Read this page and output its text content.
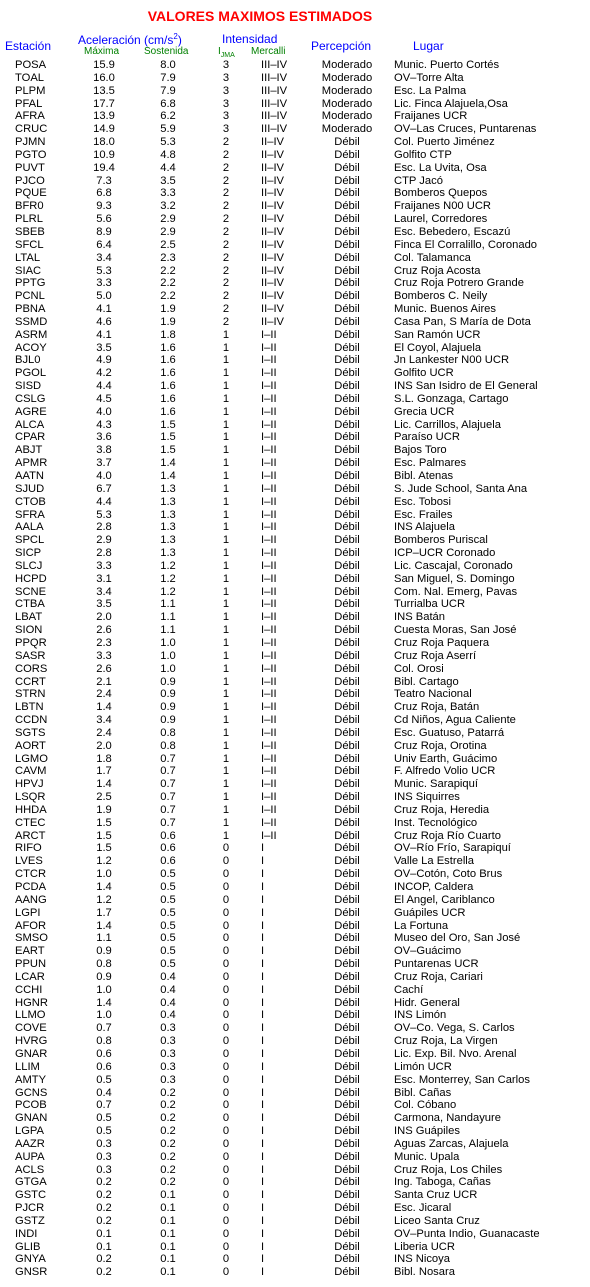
VALORES MAXIMOS ESTIMADOS
Estación Aceleración $(cm/s^2)$
Máxima Sostenida
Intensidad
$I_{JMA}$ Mercalli Percepción	Lugar
POSA	15.9	8.0	3	III–IV	Moderado	Munic. Puerto Cortés
TOAL	16.0	7.9	3	III–IV	Moderado	OV–Torre Alta
PLPM	13.5	7.9	3	III–IV	Moderado	Esc. La Palma
PFAL	17.7	6.8	3	III–IV	Moderado	Lic. Finca Alajuela,Osa
AFRA	13.9	6.2	3	III–IV	Moderado	Fraijanes UCR
CRUC	14.9	5.9	3	III–IV	Moderado	OV–Las Cruces, Puntarenas
PJMN	18.0	5.3	2	II–IV	Débil	Col. Puerto Jiménez
PGTO	10.9	4.8	2	II–IV	Débil	Golfito CTP
PUVT	19.4	4.4	2	II–IV	Débil	Esc. La Uvita, Osa
PJCO	7.3	3.5	2	II–IV	Débil	CTP Jacó
PQUE	6.8	3.3	2	II–IV	Débil	Bomberos Quepos
BFR0	9.3	3.2	2	II–IV	Débil	Fraijanes N00 UCR
PLRL	5.6	2.9	2	II–IV	Débil	Laurel, Corredores
SBEB	8.9	2.9	2	II–IV	Débil	Esc. Bebedero, Escazú
SFCL	6.4	2.5	2	II–IV	Débil	Finca El Corralillo, Coronado
LTAL	3.4	2.3	2	II–IV	Débil	Col. Talamanca
SIAC	5.3	2.2	2	II–IV	Débil	Cruz Roja Acosta
PPTG	3.3	2.2	2	II–IV	Débil	Cruz Roja Potrero Grande
PCNL	5.0	2.2	2	II–IV	Débil	Bomberos C. Neily
PBNA	4.1	1.9	2	II–IV	Débil	Munic. Buenos Aires
SSMD	4.6	1.9	2	II–IV	Débil	Casa Pan, S María de Dota
ASRM	4.1	1.8	1	I–II	Débil	San Ramón UCR
ACOY	3.5	1.6	1	I–II	Débil	El Coyol, Alajuela
BJL0	4.9	1.6	1	I–II	Débil	Jn Lankester N00 UCR
PGOL	4.2	1.6	1	I–II	Débil	Golfito UCR
SISD	4.4	1.6	1	I–II	Débil	INS San Isidro de El General
CSLG	4.5	1.6	1	I–II	Débil	S.L. Gonzaga, Cartago
AGRE	4.0	1.6	1	I–II	Débil	Grecia UCR
ALCA	4.3	1.5	1	I–II	Débil	Lic. Carrillos, Alajuela
CPAR	3.6	1.5	1	I–II	Débil	Paraíso UCR
ABJT	3.8	1.5	1	I–II	Débil	Bajos Toro
APMR	3.7	1.4	1	I–II	Débil	Esc. Palmares
AATN	4.0	1.4	1	I–II	Débil	Bibl. Atenas
SJUD	6.7	1.3	1	I–II	Débil	S. Jude School, Santa Ana
CTOB	4.4	1.3	1	I–II	Débil	Esc. Tobosi
SFRA	5.3	1.3	1	I–II	Débil	Esc. Frailes
AALA	2.8	1.3	1	I–II	Débil	INS Alajuela
SPCL	2.9	1.3	1	I–II	Débil	Bomberos Puriscal
SICP	2.8	1.3	1	I–II	Débil	ICP–UCR Coronado
SLCJ	3.3	1.2	1	I–II	Débil	Lic. Cascajal, Coronado
HCPD	3.1	1.2	1	I–II	Débil	San Miguel, S. Domingo
SCNE	3.4	1.2	1	I–II	Débil	Com. Nal. Emerg, Pavas
CTBA	3.5	1.1	1	I–II	Débil	Turrialba UCR
LBAT	2.0	1.1	1	I–II	Débil	INS Batán
SION	2.6	1.1	1	I–II	Débil	Cuesta Moras, San José
PPQR	2.3	1.0	1	I–II	Débil	Cruz Roja Paquera
SASR	3.3	1.0	1	I–II	Débil	Cruz Roja Aserrí
CORS	2.6	1.0	1	I–II	Débil	Col. Orosi
CCRT	2.1	0.9	1	I–II	Débil	Bibl. Cartago
STRN	2.4	0.9	1	I–II	Débil	Teatro Nacional
LBTN	1.4	0.9	1	I–II	Débil	Cruz Roja, Batán
CCDN	3.4	0.9	1	I–II	Débil	Cd Niños, Agua Caliente
SGTS	2.4	0.8	1	I–II	Débil	Esc. Guatuso, Patarrá
AORT	2.0	0.8	1	I–II	Débil	Cruz Roja, Orotina
LGMO	1.8	0.7	1	I–II	Débil	Univ Earth, Guácimo
CAVM	1.7	0.7	1	I–II	Débil	F. Alfredo Volio UCR
HPVJ	1.4	0.7	1	I–II	Débil	Munic. Sarapiquí
LSQR	2.5	0.7	1	I–II	Débil	INS Siquirres
HHDA	1.9	0.7	1	I–II	Débil	Cruz Roja, Heredia
CTEC	1.5	0.7	1	I–II	Débil	Inst. Tecnológico
ARCT	1.5	0.6	1	I–II	Débil	Cruz Roja Río Cuarto
RIFO	1.5	0.6	0	I	Débil	OV–Río Frío, Sarapiquí
LVES	1.2	0.6	0	I	Débil	Valle La Estrella
CTCR	1.0	0.5	0	I	Débil	OV–Cotón, Coto Brus
PCDA	1.4	0.5	0	I	Débil	INCOP, Caldera
AANG	1.2	0.5	0	I	Débil	El Angel, Cariblanco
LGPI	1.7	0.5	0	I	Débil	Guápiles UCR
AFOR	1.4	0.5	0	I	Débil	La Fortuna
SMSO	1.1	0.5	0	I	Débil	Museo del Oro, San José
EART	0.9	0.5	0	I	Débil	OV–Guácimo
PPUN	0.8	0.5	0	I	Débil	Puntarenas UCR
LCAR	0.9	0.4	0	I	Débil	Cruz Roja, Cariari
CCHI	1.0	0.4	0	I	Débil	Cachí
HGNR	1.4	0.4	0	I	Débil	Hidr. General
LLMO	1.0	0.4	0	I	Débil	INS Limón
COVE	0.7	0.3	0	I	Débil	OV–Co. Vega, S. Carlos
HVRG	0.8	0.3	0	I	Débil	Cruz Roja, La Virgen
GNAR	0.6	0.3	0	I	Débil	Lic. Exp. Bil. Nvo. Arenal
LLIM	0.6	0.3	0	I	Débil	Limón UCR
AMTY	0.5	0.3	0	I	Débil	Esc. Monterrey, San Carlos
GCNS	0.4	0.2	0	I	Débil	Bibl. Cañas
PCOB	0.7	0.2	0	I	Débil	Col. Cóbano
GNAN	0.5	0.2	0	I	Débil	Carmona, Nandayure
LGPA	0.5	0.2	0	I	Débil	INS Guápiles
AAZR	0.3	0.2	0	I	Débil	Aguas Zarcas, Alajuela
AUPA	0.3	0.2	0	I	Débil	Munic. Upala
ACLS	0.3	0.2	0	I	Débil	Cruz Roja, Los Chiles
GTGA	0.2	0.2	0	I	Débil	Ing. Taboga, Cañas
GSTC	0.2	0.1	0	I	Débil	Santa Cruz UCR
PJCR	0.2	0.1	0	I	Débil	Esc. Jicaral
GSTZ	0.2	0.1	0	I	Débil	Liceo Santa Cruz
INDI	0.1	0.1	0	I	Débil	OV–Punta Indio, Guanacaste
GLIB	0.1	0.1	0	I	Débil	Liberia UCR
GNYA	0.2	0.1	0	I	Débil	INS Nicoya
GNSR	0.2	0.1	0	I	Débil	Bibl. Nosara
